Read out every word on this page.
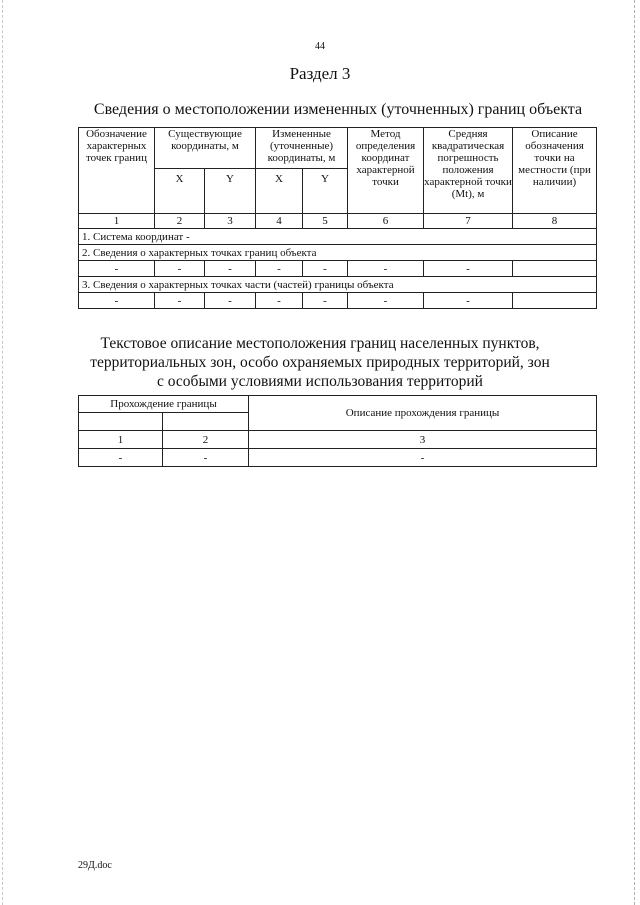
44
Раздел 3
Сведения о местоположении измененных (уточненных) границ объекта
Обозначение характерных точек границ	Существующие координаты, м		Измененные (уточненные) координаты, м		Метод определения координат характерной точки	Средняя квадратическая погрешность положения характерной точки (Mt), м	Описание обозначения точки на местности (при наличии)
	X	Y	X	Y			
1	2	3	4	5	6	7	8
1. Система координат -							
2. Сведения о характерных точках границ объекта							
-	-	-	-	-	-	-	
3. Сведения о характерных точках части (частей) границы объекта							
-	-	-	-	-	-	-	
Текстовое описание местоположения границ населенных пунктов,
территориальных зон, особо охраняемых природных территорий, зон
с особыми условиями использования территорий
Прохождение границы		Описание прохождения границы

1	2	3
-	-	-
29Д.doc
